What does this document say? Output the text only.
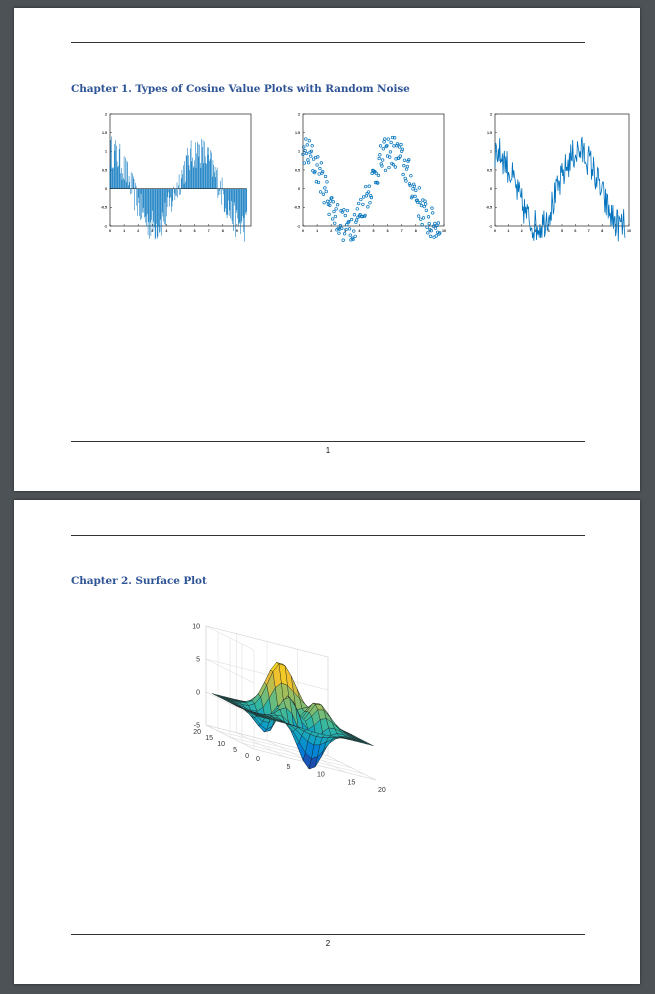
Chapter 1. Types of Cosine Value Plots with Random Noise
0	1	2	3	4	5	6	7	8	9
-1
-0.5
0
0.5
1
1.5
2
0	1	2	3	4	5	6	7	8	9	10
-1
-0.5
0
0.5
1
1.5
2
0	1	2	3	4	5	6	7	8	9	10
-1
-0.5
0
0.5
1
1.5
2
1
Chapter 2. Surface Plot
-5
0
5
10
0
5
10
15
20
0
5
10
15
20
2
